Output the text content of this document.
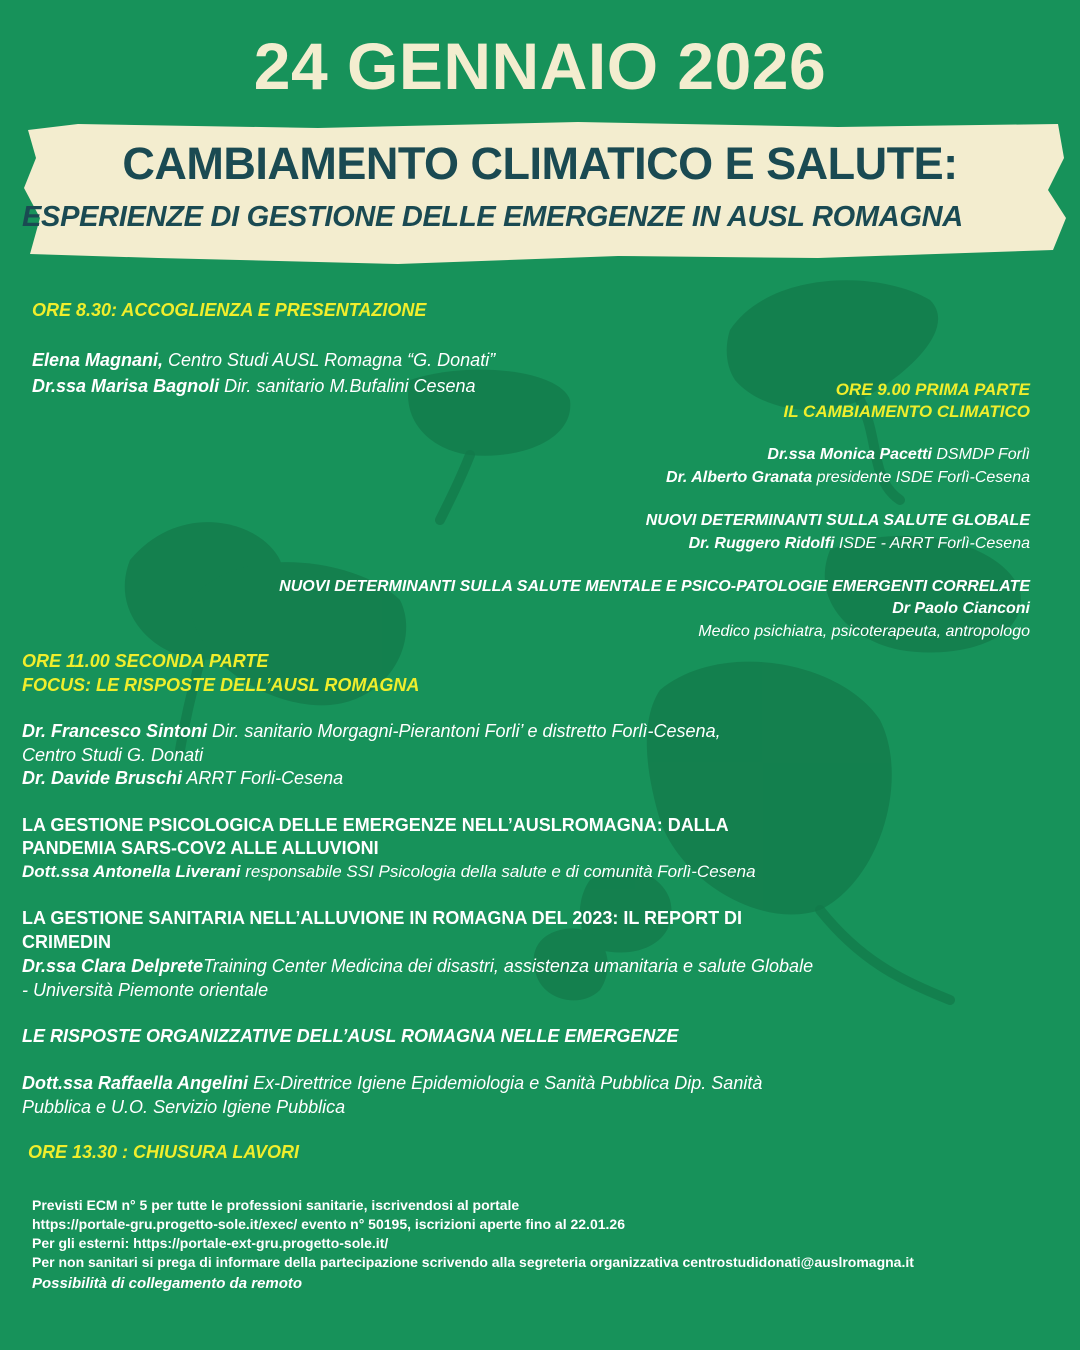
24 GENNAIO 2026
CAMBIAMENTO CLIMATICO E SALUTE:
ESPERIENZE DI GESTIONE DELLE EMERGENZE IN AUSL ROMAGNA
ORE 8.30: ACCOGLIENZA E PRESENTAZIONE
Elena Magnani, Centro Studi AUSL Romagna “G. Donati”
Dr.ssa Marisa Bagnoli Dir. sanitario M.Bufalini Cesena	ORE 9.00 PRIMA PARTE
IL CAMBIAMENTO CLIMATICO
Dr.ssa Monica Pacetti DSMDP Forlì
Dr. Alberto Granata presidente ISDE Forlì-Cesena
NUOVI DETERMINANTI SULLA SALUTE GLOBALE
Dr. Ruggero Ridolfi ISDE - ARRT Forlì-Cesena
NUOVI DETERMINANTI SULLA SALUTE MENTALE E PSICO-PATOLOGIE EMERGENTI CORRELATE
Dr Paolo Cianconi
Medico psichiatra, psicoterapeuta, antropologo
ORE 11.00 SECONDA PARTE
FOCUS: LE RISPOSTE DELL’AUSL ROMAGNA
Dr. Francesco Sintoni Dir. sanitario Morgagni-Pierantoni Forli’ e distretto Forlì-Cesena,
Centro Studi G. Donati
Dr. Davide Bruschi ARRT Forli-Cesena
LA GESTIONE PSICOLOGICA DELLE EMERGENZE NELL’AUSLROMAGNA: DALLA
PANDEMIA SARS-COV2 ALLE ALLUVIONI
Dott.ssa Antonella Liverani responsabile SSI Psicologia della salute e di comunità Forlì-Cesena
LA GESTIONE SANITARIA NELL’ALLUVIONE IN ROMAGNA DEL 2023: IL REPORT DI
CRIMEDIN
Dr.ssa Clara DelpreteTraining Center Medicina dei disastri, assistenza umanitaria e salute Globale
- Università Piemonte orientale
LE RISPOSTE ORGANIZZATIVE DELL’AUSL ROMAGNA NELLE EMERGENZE
Dott.ssa Raffaella Angelini Ex-Direttrice Igiene Epidemiologia e Sanità Pubblica Dip. Sanità
Pubblica e U.O. Servizio Igiene Pubblica
ORE 13.30 : CHIUSURA LAVORI
Previsti ECM n° 5 per tutte le professioni sanitarie, iscrivendosi al portale
https://portale-gru.progetto-sole.it/exec/ evento n° 50195, iscrizioni aperte fino al 22.01.26
Per gli esterni: https://portale-ext-gru.progetto-sole.it/
Per non sanitari si prega di informare della partecipazione scrivendo alla segreteria organizzativa centrostudidonati@auslromagna.it
Possibilità di collegamento da remoto
